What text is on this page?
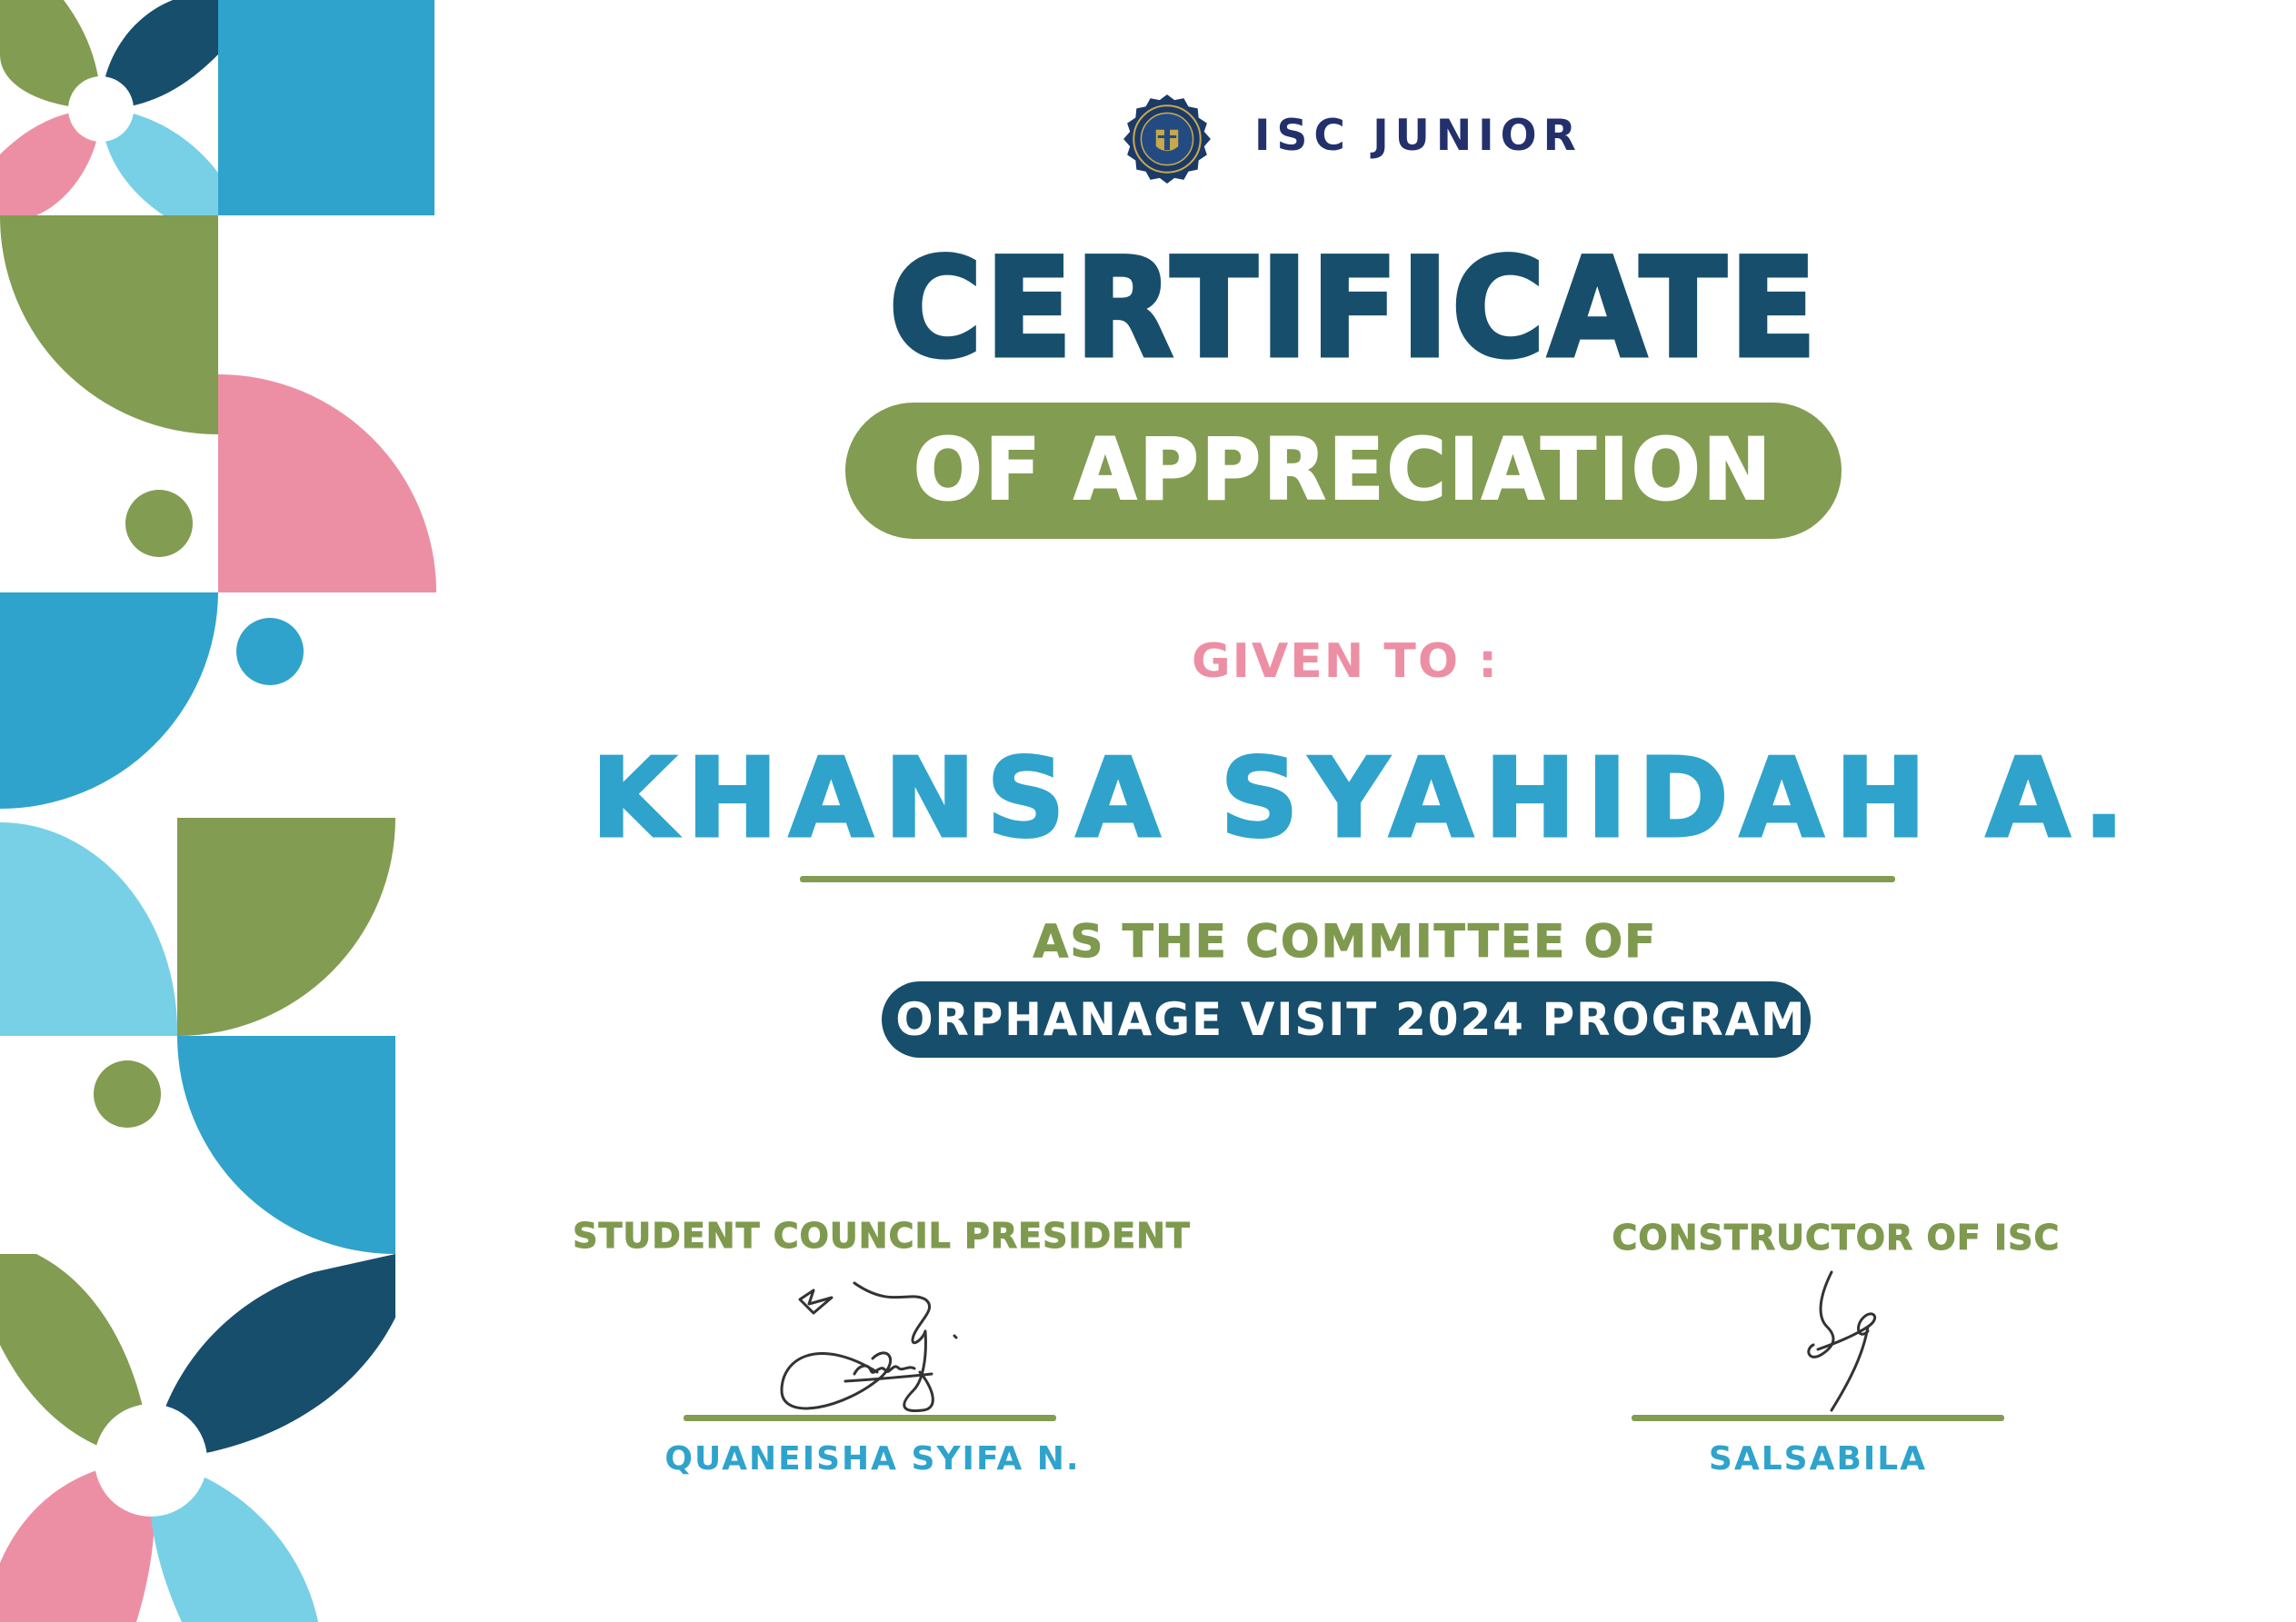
ISC JUNIOR
CERTIFICATE
OF APPRECIATION
GIVEN TO :
KHANSA SYAHIDAH A.
AS THE COMMITTEE OF
ORPHANAGE VISIT 2024 PROGRAM
STUDENT COUNCIL PRESIDENT
QUANEISHA SYIFA N.
CONSTRUCTOR OF ISC
SALSABILA
